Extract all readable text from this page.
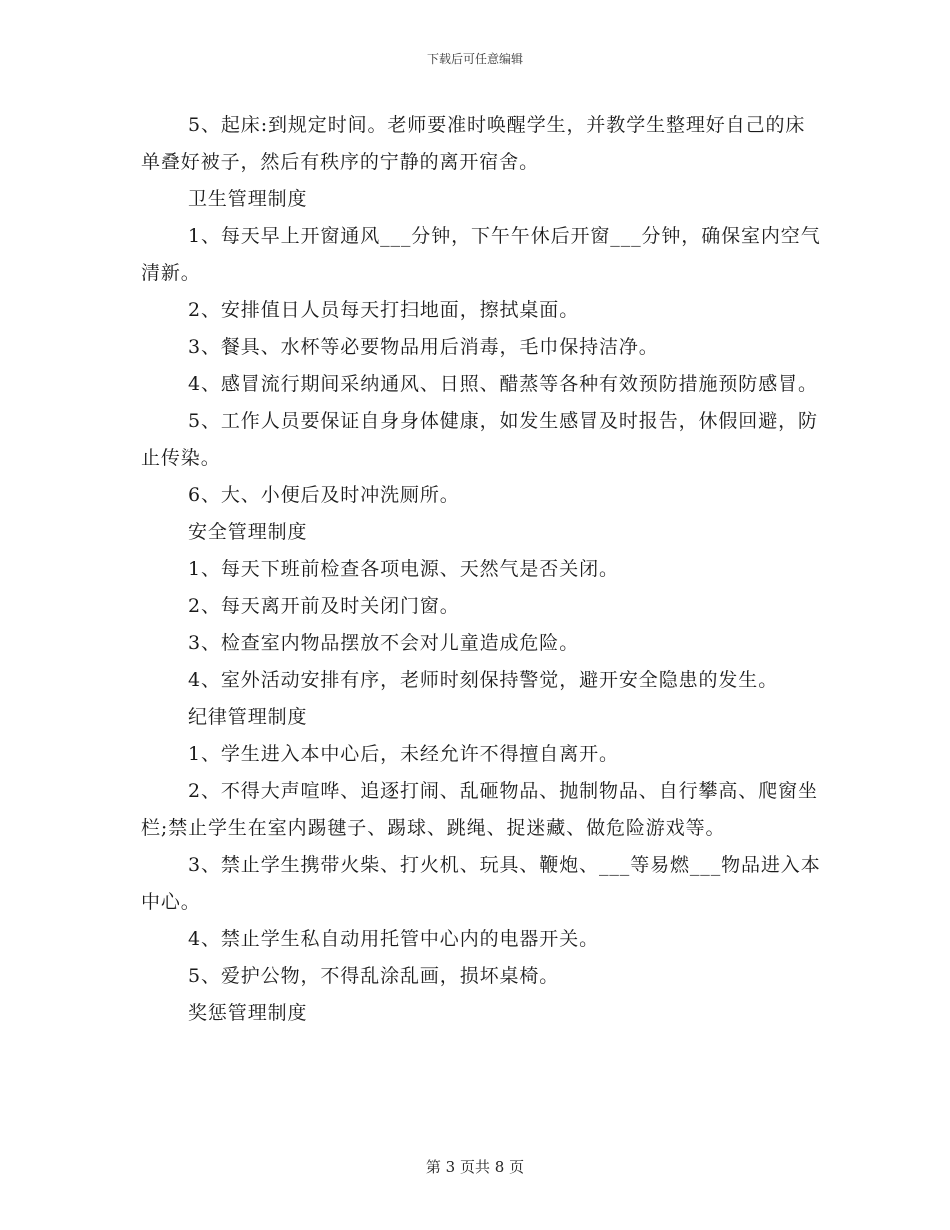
下载后可任意编辑

5、起床:到规定时间。老师要准时唤醒学生，并教学生整理好自己的床单叠好被子，然后有秩序的宁静的离开宿舍。

卫生管理制度

1、每天早上开窗通风___分钟，下午午休后开窗___分钟，确保室内空气清新。

2、安排值日人员每天打扫地面，擦拭桌面。

3、餐具、水杯等必要物品用后消毒，毛巾保持洁净。

4、感冒流行期间采纳通风、日照、醋蒸等各种有效预防措施预防感冒。

5、工作人员要保证自身身体健康，如发生感冒及时报告，休假回避，防止传染。

6、大、小便后及时冲洗厕所。

安全管理制度

1、每天下班前检查各项电源、天然气是否关闭。

2、每天离开前及时关闭门窗。

3、检查室内物品摆放不会对儿童造成危险。

4、室外活动安排有序，老师时刻保持警觉，避开安全隐患的发生。

纪律管理制度

1、学生进入本中心后，未经允许不得擅自离开。

2、不得大声喧哗、追逐打闹、乱砸物品、抛制物品、自行攀高、爬窗坐栏;禁止学生在室内踢毽子、踢球、跳绳、捉迷藏、做危险游戏等。

3、禁止学生携带火柴、打火机、玩具、鞭炮、___等易燃___物品进入本中心。

4、禁止学生私自动用托管中心内的电器开关。

5、爱护公物，不得乱涂乱画，损坏桌椅。

奖惩管理制度

第 3 页共 8 页
